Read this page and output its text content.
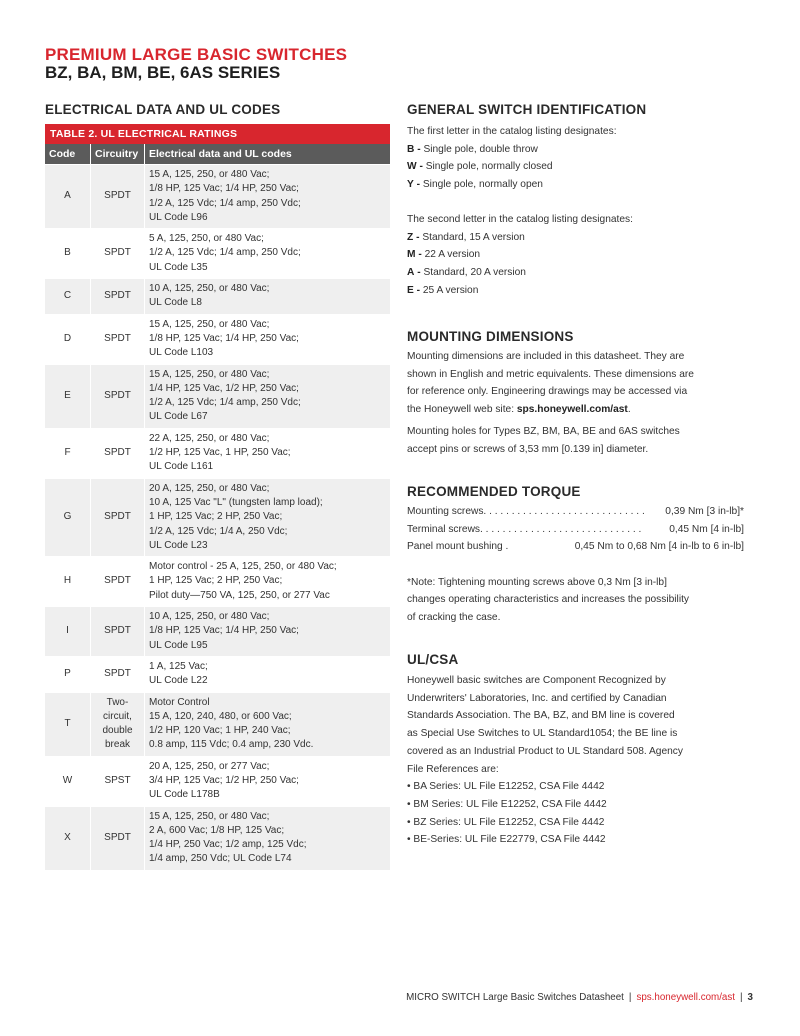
PREMIUM LARGE BASIC SWITCHES
BZ, BA, BM, BE, 6AS SERIES
ELECTRICAL DATA AND UL CODES
TABLE 2. UL ELECTRICAL RATINGS
Code	Circuitry	Electrical data and UL codes
A	SPDT	15 A, 125, 250, or 480 Vac;
1/8 HP, 125 Vac; 1/4 HP, 250 Vac;
1/2 A, 125 Vdc; 1/4 amp, 250 Vdc;
UL Code L96

B	SPDT	5 A, 125, 250, or 480 Vac;
1/2 A, 125 Vdc; 1/4 amp, 250 Vdc;
UL Code L35

C	SPDT	10 A, 125, 250, or 480 Vac;
UL Code L8

D	SPDT	15 A, 125, 250, or 480 Vac;
1/8 HP, 125 Vac; 1/4 HP, 250 Vac;
UL Code L103

E	SPDT	15 A, 125, 250, or 480 Vac;
1/4 HP, 125 Vac, 1/2 HP, 250 Vac;
1/2 A, 125 Vdc; 1/4 amp, 250 Vdc;
UL Code L67

F	SPDT	22 A, 125, 250, or 480 Vac;
1/2 HP, 125 Vac, 1 HP, 250 Vac;
UL Code L161

G	SPDT	20 A, 125, 250, or 480 Vac;
10 A, 125 Vac "L" (tungsten lamp load);
1 HP, 125 Vac; 2 HP, 250 Vac;
1/2 A, 125 Vdc; 1/4 A, 250 Vdc;
UL Code L23

H	SPDT	Motor control - 25 A, 125, 250, or 480 Vac;
1 HP, 125 Vac; 2 HP, 250 Vac;
Pilot duty—750 VA, 125, 250, or 277 Vac

I	SPDT	10 A, 125, 250, or 480 Vac;
1/8 HP, 125 Vac; 1/4 HP, 250 Vac;
UL Code L95

P	SPDT	1 A, 125 Vac;
UL Code L22

T	Two-
circuit,
double
break	Motor Control
15 A, 120, 240, 480, or 600 Vac;
1/2 HP, 120 Vac; 1 HP, 240 Vac;
0.8 amp, 115 Vdc; 0.4 amp, 230 Vdc.

W	SPST	20 A, 125, 250, or 277 Vac;
3/4 HP, 125 Vac; 1/2 HP, 250 Vac;
UL Code L178B

X	SPDT	15 A, 125, 250, or 480 Vac;
2 A, 600 Vac; 1/8 HP, 125 Vac;
1/4 HP, 250 Vac; 1/2 amp, 125 Vdc;
1/4 amp, 250 Vdc; UL Code L74
GENERAL SWITCH IDENTIFICATION

The first letter in the catalog listing designates:

B - Single pole, double throw

W - Single pole, normally closed

Y - Single pole, normally open

The second letter in the catalog listing designates:

Z - Standard, 15 A version

M - 22 A version

A - Standard, 20 A version

E - 25 A version

MOUNTING DIMENSIONS

Mounting dimensions are included in this datasheet. They are

shown in English and metric equivalents. These dimensions are

for reference only. Engineering drawings may be accessed via

the Honeywell web site: sps.honeywell.com/ast.

Mounting holes for Types BZ, BM, BA, BE and 6AS switches

accept pins or screws of 3,53 mm [0.139 in] diameter.

RECOMMENDED TORQUE
Mounting screws. . . . . . . . . . . . . . . . . . . . . . . . . . . . . 0,39 Nm [3 in-lb]*
Terminal screws. . . . . . . . . . . . . . . . . . . . . . . . . . . . .	0,45 Nm [4 in-lb]
Panel mount bushing .	0,45 Nm to 0,68 Nm [4 in-lb to 6 in-lb]

*Note: Tightening mounting screws above 0,3 Nm [3 in-lb]

changes operating characteristics and increases the possibility

of cracking the case.

UL/CSA

Honeywell basic switches are Component Recognized by

Underwriters' Laboratories, Inc. and certified by Canadian

Standards Association. The BA, BZ, and BM line is covered

as Special Use Switches to UL Standard1054; the BE line is

covered as an Industrial Product to UL Standard 508. Agency

File References are:

• BA Series: UL File E12252, CSA File 4442

• BM Series: UL File E12252, CSA File 4442

• BZ Series: UL File E12252, CSA File 4442

• BE-Series: UL File E22779, CSA File 4442

MICRO SWITCH Large Basic Switches Datasheet | sps.honeywell.com/ast | 3
